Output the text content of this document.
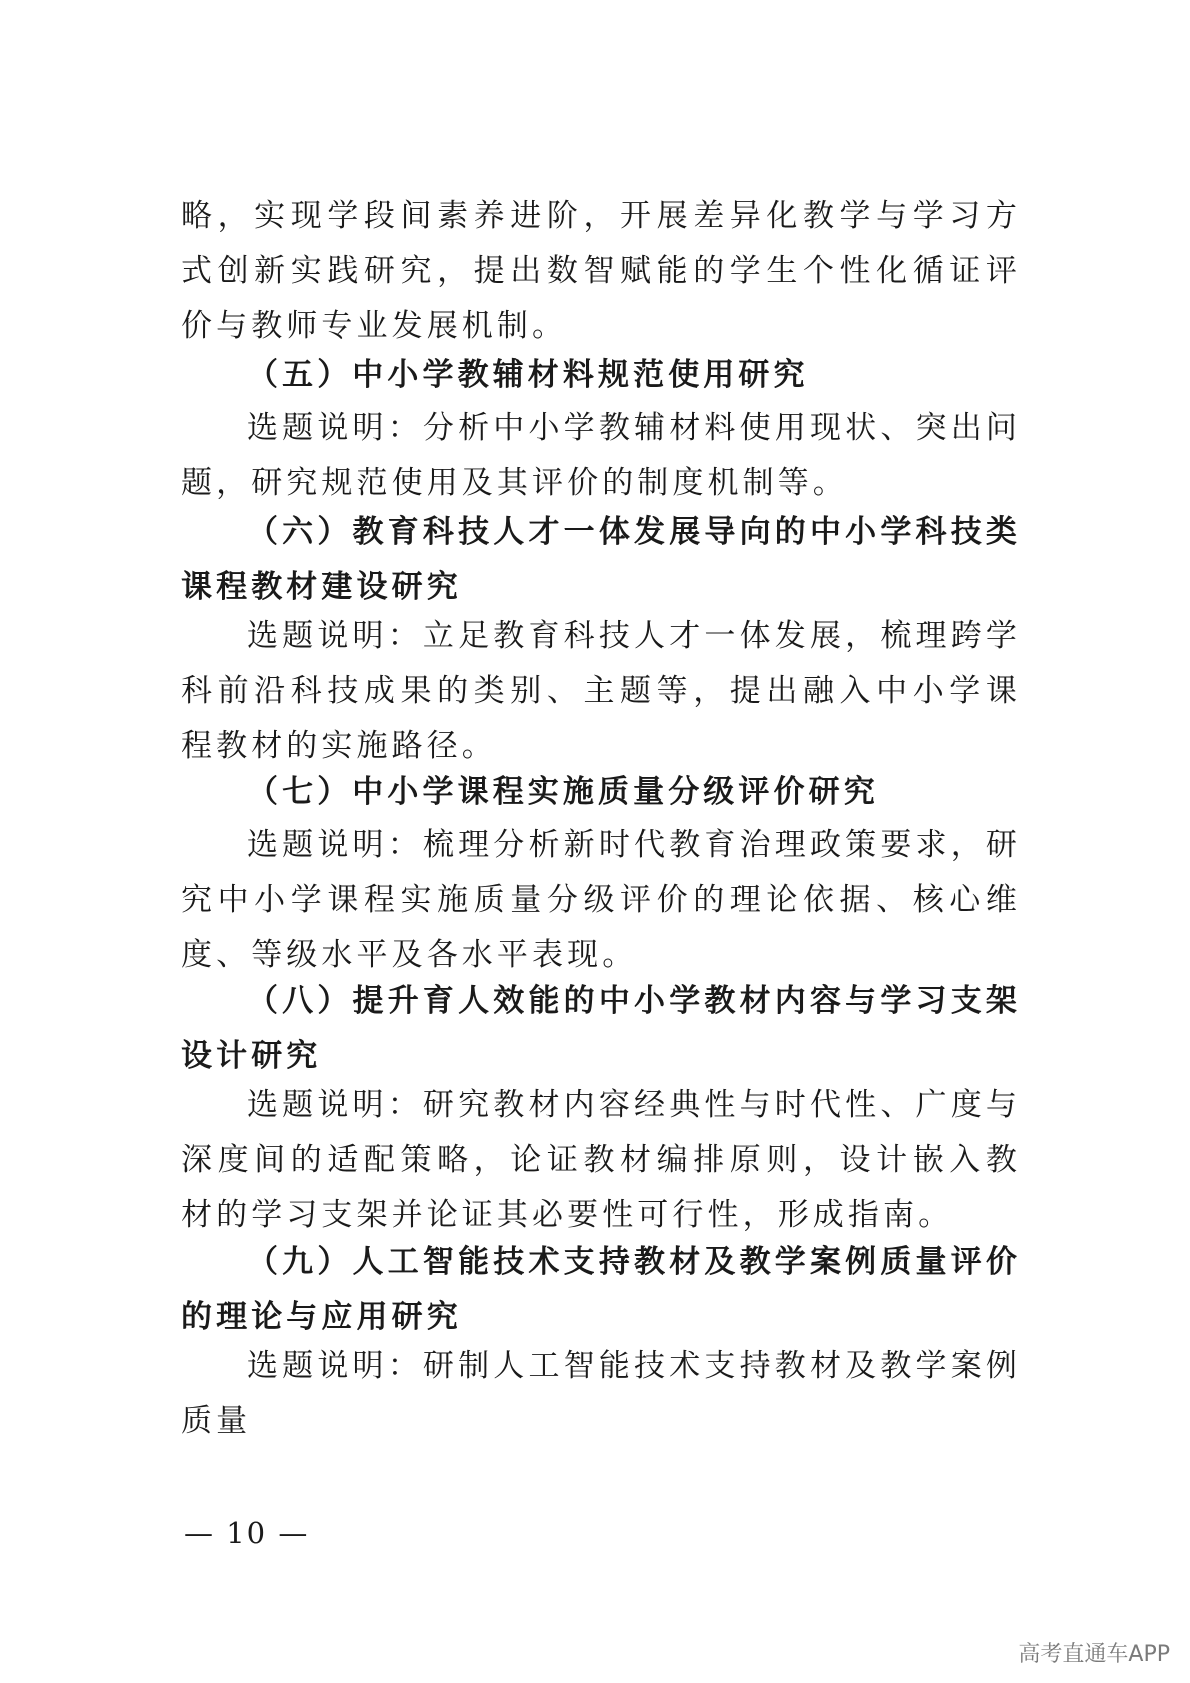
略，实现学段间素养进阶，开展差异化教学与学习方式创新实践研究，提出数智赋能的学生个性化循证评价与教师专业发展机制。

（五）中小学教辅材料规范使用研究

选题说明：分析中小学教辅材料使用现状、突出问题，研究规范使用及其评价的制度机制等。

（六）教育科技人才一体发展导向的中小学科技类课程教材建设研究

选题说明：立足教育科技人才一体发展，梳理跨学科前沿科技成果的类别、主题等，提出融入中小学课程教材的实施路径。

（七）中小学课程实施质量分级评价研究

选题说明：梳理分析新时代教育治理政策要求，研究中小学课程实施质量分级评价的理论依据、核心维度、等级水平及各水平表现。

（八）提升育人效能的中小学教材内容与学习支架设计研究

选题说明：研究教材内容经典性与时代性、广度与深度间的适配策略，论证教材编排原则，设计嵌入教材的学习支架并论证其必要性可行性，形成指南。

（九）人工智能技术支持教材及教学案例质量评价的理论与应用研究

选题说明：研制人工智能技术支持教材及教学案例质量

— 10 —
高考直通车APP
